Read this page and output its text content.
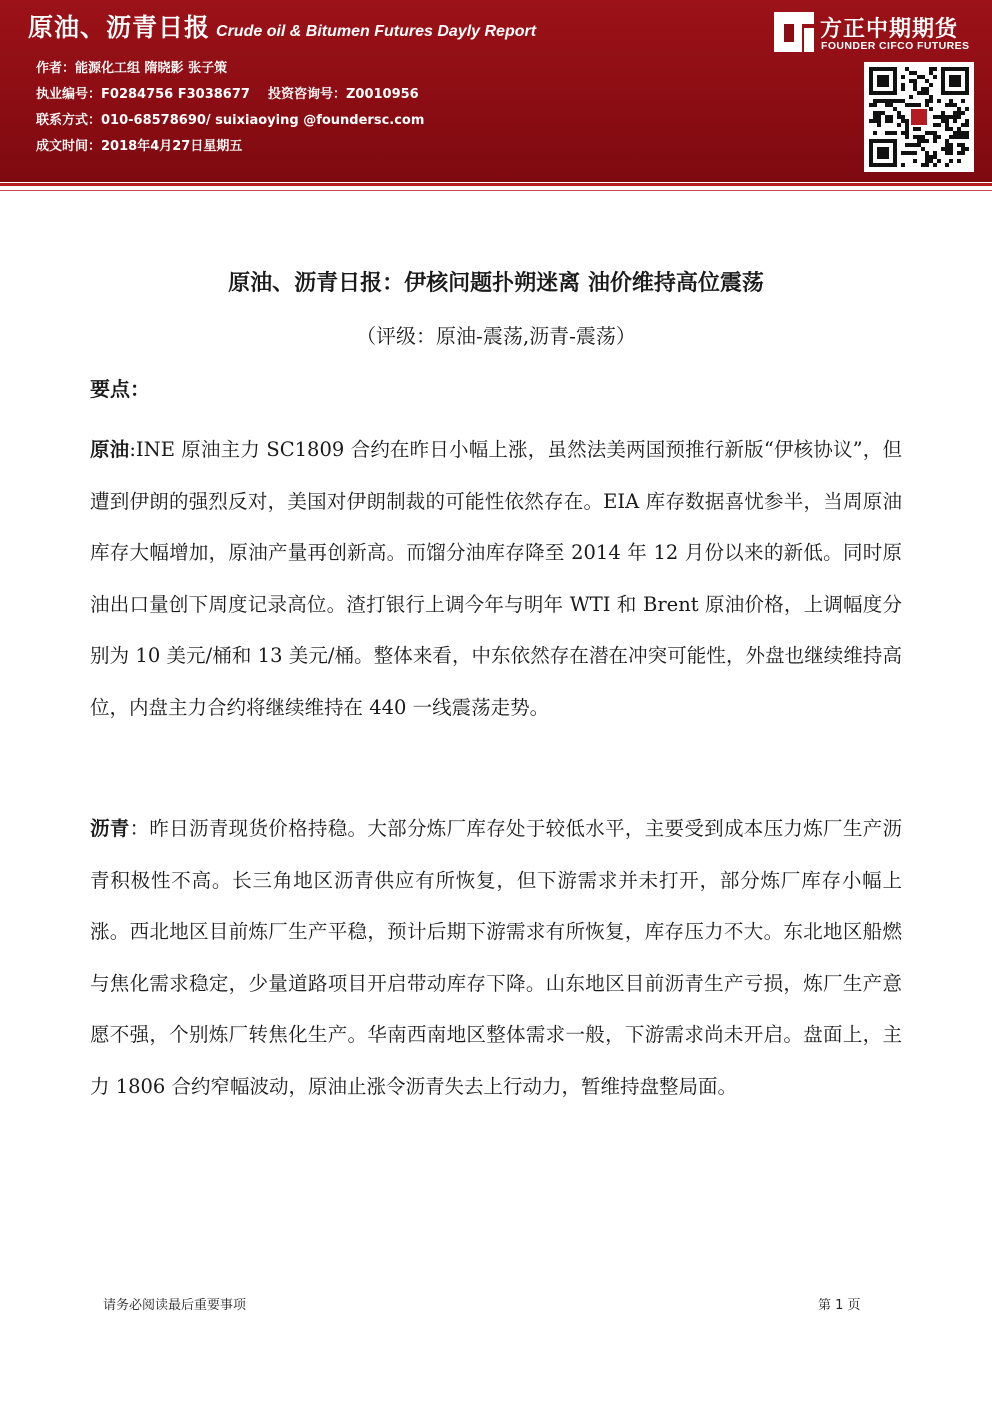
原油、沥青日报 Crude oil & Bitumen Futures Dayly Report
作者：能源化工组 隋晓影 张子策
执业编号：F0284756 F3038677 投资咨询号：Z0010956
联系方式：010-68578690/ suixiaoying @foundersc.com
成文时间：2018年4月27日星期五
方正中期期货
FOUNDER CIFCO FUTURES
原油、沥青日报：伊核问题扑朔迷离 油价维持高位震荡
（评级：原油-震荡,沥青-震荡）
要点：

原油:INE 原油主力 SC1809 合约在昨日小幅上涨，虽然法美两国预推行新版“伊核协议”，但遭到伊朗的强烈反对，美国对伊朗制裁的可能性依然存在。EIA 库存数据喜忧参半，当周原油库存大幅增加，原油产量再创新高。而馏分油库存降至 2014 年 12 月份以来的新低。同时原油出口量创下周度记录高位。渣打银行上调今年与明年 WTI 和 Brent 原油价格，上调幅度分别为 10 美元/桶和 13 美元/桶。整体来看，中东依然存在潜在冲突可能性，外盘也继续维持高位，内盘主力合约将继续维持在 440 一线震荡走势。

沥青：昨日沥青现货价格持稳。大部分炼厂库存处于较低水平，主要受到成本压力炼厂生产沥青积极性不高。长三角地区沥青供应有所恢复，但下游需求并未打开，部分炼厂库存小幅上涨。西北地区目前炼厂生产平稳，预计后期下游需求有所恢复，库存压力不大。东北地区船燃与焦化需求稳定，少量道路项目开启带动库存下降。山东地区目前沥青生产亏损，炼厂生产意愿不强，个别炼厂转焦化生产。华南西南地区整体需求一般，下游需求尚未开启。盘面上，主力 1806 合约窄幅波动，原油止涨令沥青失去上行动力，暂维持盘整局面。

请务必阅读最后重要事项	第 1 页
